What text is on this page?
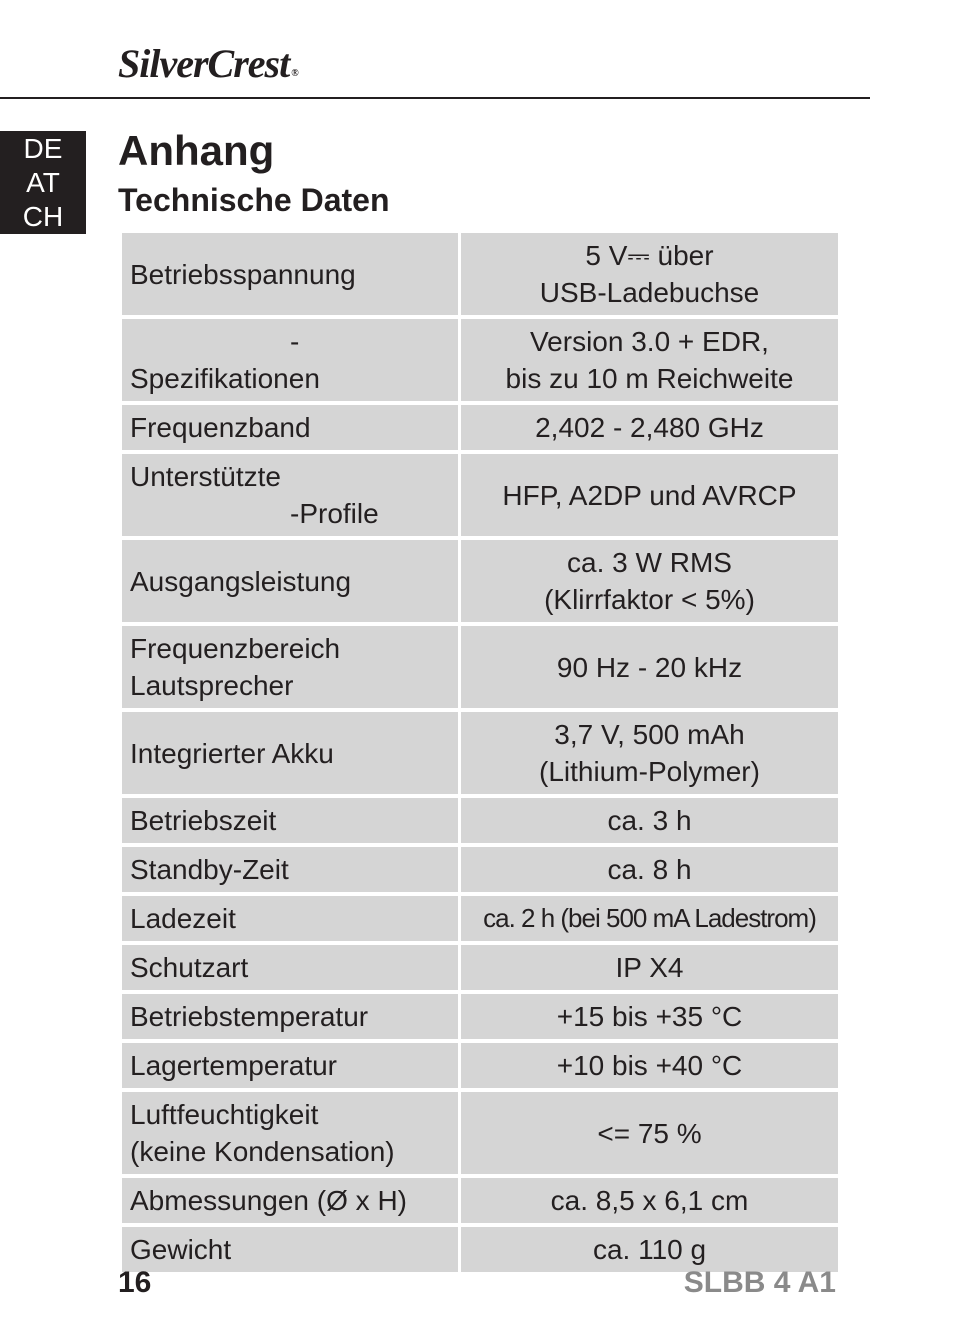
SilverCrest ®
DE
AT
CH
Anhang
Technische Daten
Betriebsspannung	5 V⎓ über
USB-Ladebuchse

-
Spezifikationen	Version 3.0 + EDR,
bis zu 10 m Reichweite

Frequenzband	2,402 - 2,480 GHz

Unterstützte
-Profile	HFP, A2DP und AVRCP

Ausgangsleistung	ca. 3 W RMS
(Klirrfaktor < 5%)

Frequenzbereich
Lautsprecher	90 Hz - 20 kHz

Integrierter Akku	3,7 V, 500 mAh
(Lithium-Polymer)

Betriebszeit	ca. 3 h

Standby-Zeit	ca. 8 h

Ladezeit	ca. 2 h (bei 500 mA Ladestrom)

Schutzart	IP X4

Betriebstemperatur	+15 bis +35 °C

Lagertemperatur	+10 bis +40 °C

Luftfeuchtigkeit
(keine Kondensation)	<= 75 %

Abmessungen (Ø x H)	ca. 8,5 x 6,1 cm

Gewicht	ca. 110 g
16	SLBB 4 A1
